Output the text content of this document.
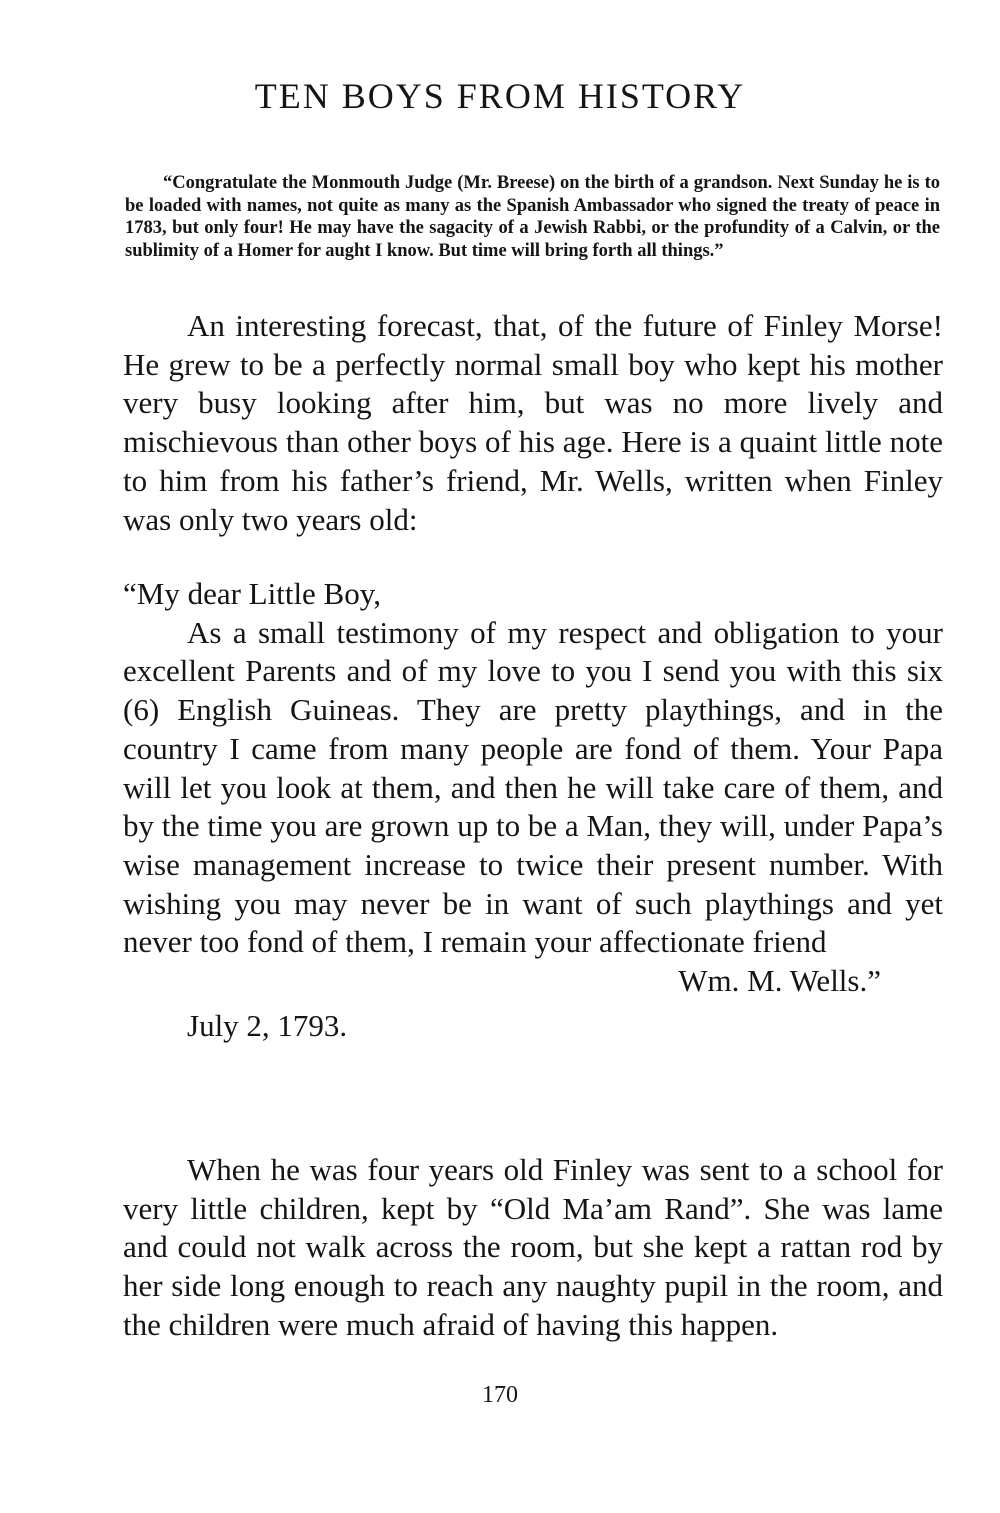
TEN BOYS FROM HISTORY

“Congratulate the Monmouth Judge (Mr. Breese) on the birth of a grandson. Next Sunday he is to be loaded with names, not quite as many as the Spanish Ambassador who signed the treaty of peace in 1783, but only four! He may have the sagacity of a Jewish Rabbi, or the profundity of a Calvin, or the sublimity of a Homer for aught I know. But time will bring forth all things.”

An interesting forecast, that, of the future of Finley Morse! He grew to be a perfectly normal small boy who kept his mother very busy looking after him, but was no more lively and mischievous than other boys of his age. Here is a quaint little note to him from his father’s friend, Mr. Wells, written when Finley was only two years old:

“My dear Little Boy,

As a small testimony of my respect and obligation to your excellent Parents and of my love to you I send you with this six (6) English Guineas. They are pretty playthings, and in the country I came from many people are fond of them. Your Papa will let you look at them, and then he will take care of them, and by the time you are grown up to be a Man, they will, under Papa’s wise management increase to twice their present number. With wishing you may never be in want of such playthings and yet never too fond of them, I remain your affectionate friend

Wm. M. Wells.”

July 2, 1793.

When he was four years old Finley was sent to a school for very little children, kept by “Old Ma’am Rand”. She was lame and could not walk across the room, but she kept a rattan rod by her side long enough to reach any naughty pupil in the room, and the children were much afraid of having this happen.

170
